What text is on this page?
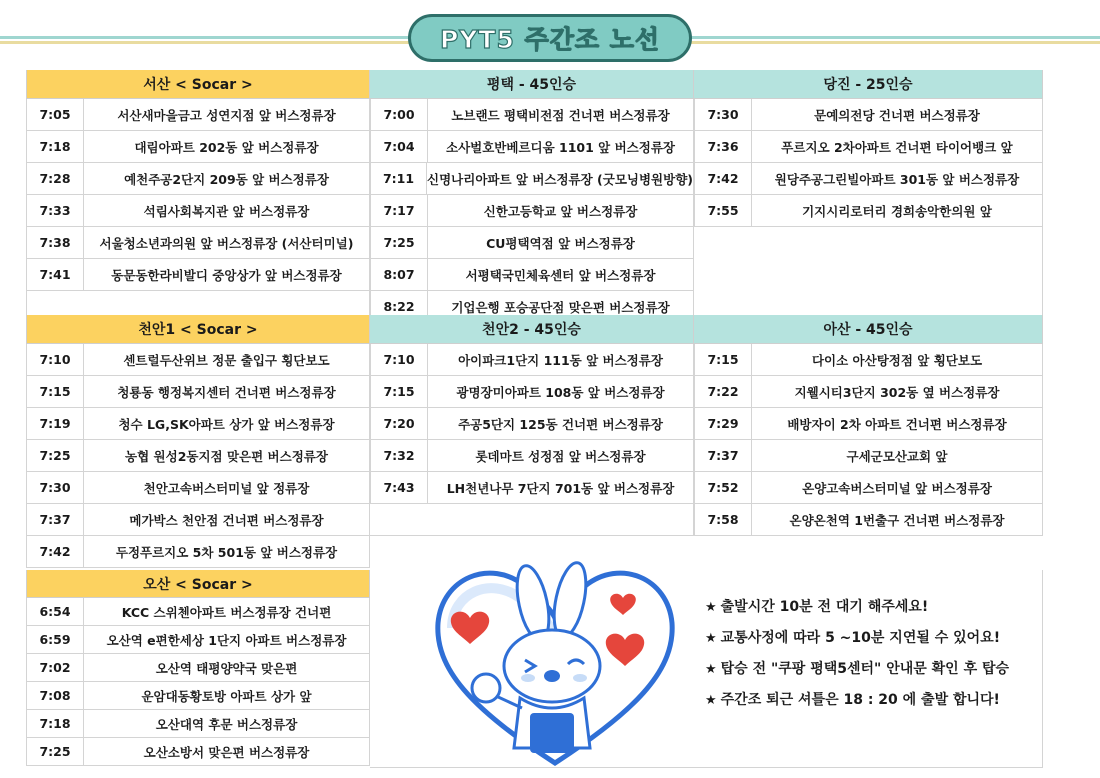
PYT5 주간조 노선
서산 < Socar >
7:05	서산새마을금고 성연지점 앞 버스정류장
7:18	대림아파트 202동 앞 버스정류장
7:28	예천주공2단지 209동 앞 버스정류장
7:33	석림사회복지관 앞 버스정류장
7:38	서울청소년과의원 앞 버스정류장 (서산터미널)
7:41	동문동한라비발디 중앙상가 앞 버스정류장
평택 - 45인승
7:00	노브랜드 평택비전점 건너편 버스정류장
7:04	소사벌호반베르디움 1101 앞 버스정류장
7:11	신명나리아파트 앞 버스정류장 (굿모닝병원방향)
7:17	신한고등학교 앞 버스정류장
7:25	CU평택역점 앞 버스정류장
8:07	서평택국민체육센터 앞 버스정류장
8:22	기업은행 포승공단점 맞은편 버스정류장
당진 - 25인승
7:30	문예의전당 건너편 버스정류장
7:36	푸르지오 2차아파트 건너편 타이어뱅크 앞
7:42	원당주공그린빌아파트 301동 앞 버스정류장
7:55	기지시리로터리 경희송악한의원 앞
천안1 < Socar >
7:10	센트럴두산위브 정문 출입구 횡단보도
7:15	청룡동 행정복지센터 건너편 버스정류장
7:19	청수 LG,SK아파트 상가 앞 버스정류장
7:25	농협 원성2동지점 맞은편 버스정류장
7:30	천안고속버스터미널 앞 정류장
7:37	메가박스 천안점 건너편 버스정류장
7:42	두정푸르지오 5차 501동 앞 버스정류장
천안2 - 45인승
7:10	아이파크1단지 111동 앞 버스정류장
7:15	광명장미아파트 108동 앞 버스정류장
7:20	주공5단지 125동 건너편 버스정류장
7:32	롯데마트 성정점 앞 버스정류장
7:43	LH천년나무 7단지 701동 앞 버스정류장
아산 - 45인승
7:15	다이소 아산탕정점 앞 횡단보도
7:22	지웰시티3단지 302동 옆 버스정류장
7:29	배방자이 2차 아파트 건너편 버스정류장
7:37	구세군모산교회 앞
7:52	온양고속버스터미널 앞 버스정류장
7:58	온양온천역 1번출구 건너편 버스정류장
오산 < Socar >
6:54	KCC 스위첸아파트 버스정류장 건너편
6:59	오산역 e편한세상 1단지 아파트 버스정류장
7:02	오산역 태평양약국 맞은편
7:08	운암대동황토방 아파트 상가 앞
7:18	오산대역 후문 버스정류장
7:25	오산소방서 맞은편 버스정류장
★ 출발시간 10분 전 대기 해주세요!
★ 교통사정에 따라 5 ~10분 지연될 수 있어요!
★ 탑승 전 "쿠팡 평택5센터" 안내문 확인 후 탑승
★ 주간조 퇴근 셔틀은 18 : 20 에 출발 합니다!
